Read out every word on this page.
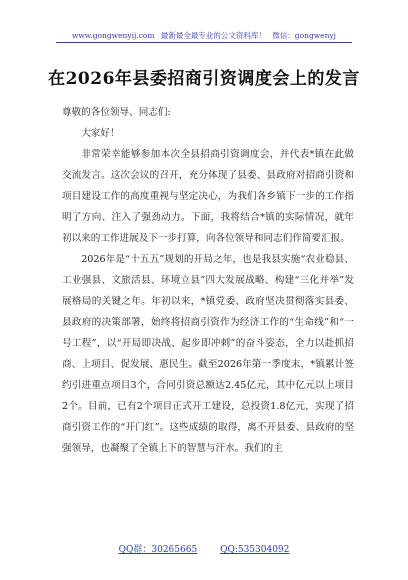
www.gongwenyij.com 最新最全最专业的公文资料库！ 微信：gongwenyj
在2026年县委招商引资调度会上的发言

尊敬的各位领导、同志们:

大家好！

非常荣幸能够参加本次全县招商引资调度会，并代表*镇在此做交流发言。这次会议的召开，充分体现了县委、县政府对招商引资和项目建设工作的高度重视与坚定决心，为我们各乡镇下一步的工作指明了方向、注入了强劲动力。下面，我将结合*镇的实际情况，就年初以来的工作进展及下一步打算，向各位领导和同志们作简要汇报。

2026年是“十五五”规划的开局之年，也是我县实施“农业稳县、工业强县、文旅活县、环境立县”四大发展战略、构建“三化并举”发展格局的关键之年。年初以来，*镇党委、政府坚决贯彻落实县委、县政府的决策部署，始终将招商引资作为经济工作的“生命线”和“一号工程”，以“开局即决战、起步即冲刺”的奋斗姿态，全力以赴抓招商、上项目、促发展、惠民生。截至2026年第一季度末，*镇累计签约引进重点项目3个，合同引资总额达2.45亿元，其中亿元以上项目2个。目前，已有2个项目正式开工建设，总投资1.8亿元，实现了招商引资工作的“开门红”。这些成绩的取得，离不开县委、县政府的坚强领导，也凝聚了全镇上下的智慧与汗水。我们的主

QQ群：30265665	QQ:535304092
